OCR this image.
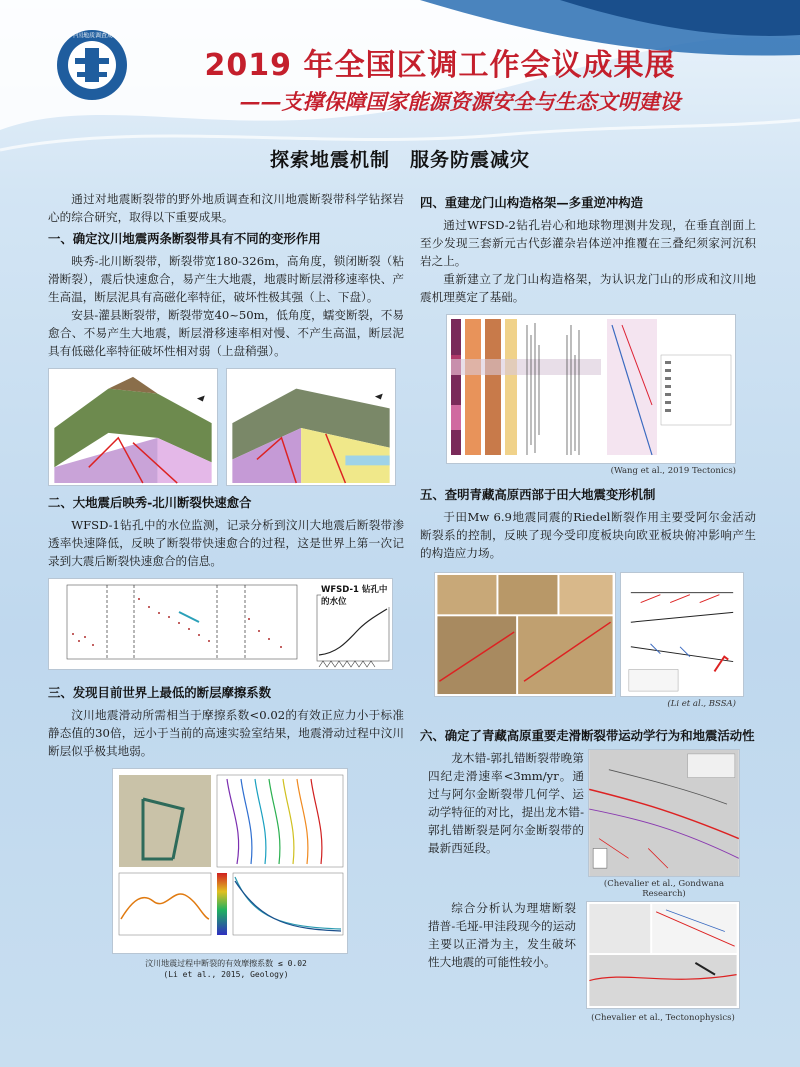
中国地质调查局
2019 年全国区调工作会议成果展
——支撑保障国家能源资源安全与生态文明建设
探索地震机制　服务防震减灾

通过对地震断裂带的野外地质调查和汶川地震断裂带科学钻探岩心的综合研究，取得以下重要成果。

一、确定汶川地震两条断裂带具有不同的变形作用

映秀-北川断裂带，断裂带宽180-326m，高角度，锁闭断裂（粘滑断裂），震后快速愈合，易产生大地震，地震时断层滑移速率快、产生高温，断层泥具有高磁化率特征，破坏性极其强（上、下盘）。

安县-灌县断裂带，断裂带宽40~50m，低角度，蠕变断裂，不易愈合、不易产生大地震，断层滑移速率相对慢、不产生高温，断层泥具有低磁化率特征破坏性相对弱（上盘稍强）。

二、大地震后映秀-北川断裂快速愈合

WFSD-1钻孔中的水位监测，记录分析到汶川大地震后断裂带渗透率快速降低，反映了断裂带快速愈合的过程，这是世界上第一次记录到大震后断裂快速愈合的信息。

WFSD-1 钻孔中的水位
三、发现目前世界上最低的断层摩擦系数

汶川地震滑动所需相当于摩擦系数<0.02的有效正应力小于标准静态值的30倍，远小于当前的高速实验室结果，地震滑动过程中汶川断层似乎极其地弱。

汶川地震过程中断裂的有效摩擦系数 ≤ 0.02
(Li et al., 2015, Geology)
四、重建龙门山构造格架—多重逆冲构造

通过WFSD-2钻孔岩心和地球物理测井发现，在垂直剖面上至少发现三套新元古代彭灌杂岩体逆冲推覆在三叠纪须家河沉积岩之上。

重新建立了龙门山构造格架，为认识龙门山的形成和汶川地震机理奠定了基础。

(Wang et al., 2019 Tectonics)
五、查明青藏高原西部于田大地震变形机制

于田Mw 6.9地震同震的Riedel断裂作用主要受阿尔金活动断裂系的控制，反映了现今受印度板块向欧亚板块俯冲影响产生的构造应力场。

(Li et al., BSSA)
六、确定了青藏高原重要走滑断裂带运动学行为和地震活动性

龙木错-郭扎错断裂带晚第四纪走滑速率<3mm/yr。通过与阿尔金断裂带几何学、运动学特征的对比，提出龙木错-郭扎错断裂是阿尔金断裂带的最新西延段。

(Chevalier et al., Gondwana Research)

综合分析认为理塘断裂措普-毛垭-甲洼段现今的运动主要以正滑为主，发生破坏性大地震的可能性较小。

(Chevalier et al., Tectonophysics)
